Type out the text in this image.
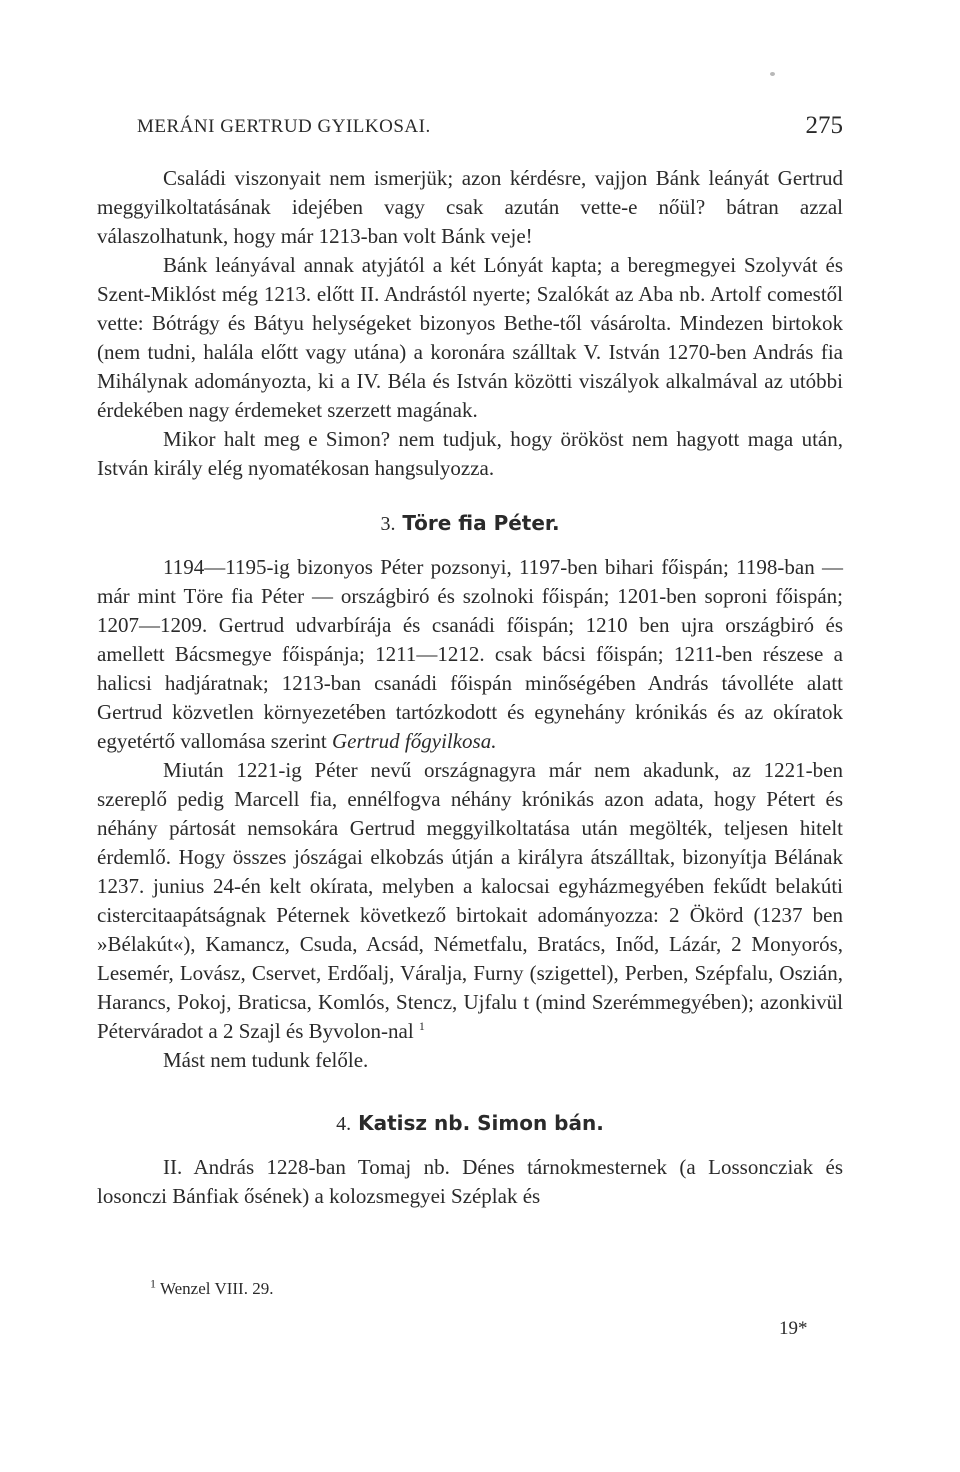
MERÁNI GERTRUD GYILKOSAI.	275

Családi viszonyait nem ismerjük; azon kérdésre, vajjon Bánk leányát Gertrud meggyilkoltatásának idejében vagy csak azután vette-e nőül? bátran azzal válaszolhatunk, hogy már 1213-ban volt Bánk veje!

Bánk leányával annak atyjától a két Lónyát kapta; a beregmegyei Szolyvát és Szent-Miklóst még 1213. előtt II. Andrástól nyerte; Szalókát az Aba nb. Artolf comestől vette: Bótrágy és Bátyu helységeket bizonyos Bethe-től vásárolta. Mindezen birtokok (nem tudni, halála előtt vagy utána) a koronára szálltak V. István 1270-ben András fia Mihálynak adományozta, ki a IV. Béla és István közötti viszályok alkalmával az utóbbi érdekében nagy érdemeket szerzett magának.

Mikor halt meg e Simon? nem tudjuk, hogy örököst nem hagyott maga után, István király elég nyomatékosan hangsulyozza.

3. Töre fia Péter.

1194—1195-ig bizonyos Péter pozsonyi, 1197-ben bihari főispán; 1198-ban — már mint Töre fia Péter — országbiró és szolnoki főispán; 1201-ben soproni főispán; 1207—1209. Gertrud udvarbírája és csanádi főispán; 1210 ben ujra országbiró és amellett Bácsmegye főispánja; 1211—1212. csak bácsi főispán; 1211-ben részese a halicsi hadjáratnak; 1213-ban csanádi főispán minőségében András távolléte alatt Gertrud közvetlen környezetében tartózkodott és egynehány krónikás és az okíratok egyetértő vallomása szerint Gertrud főgyilkosa.

Miután 1221-ig Péter nevű országnagyra már nem akadunk, az 1221-ben szereplő pedig Marcell fia, ennélfogva néhány krónikás azon adata, hogy Pétert és néhány pártosát nemsokára Gertrud meggyilkoltatása után megölték, teljesen hitelt érdemlő. Hogy összes jószágai elkobzás útján a királyra átszálltak, bizonyítja Bélának 1237. junius 24-én kelt okírata, melyben a kalocsai egyházmegyében fekűdt belakúti cistercitaapátságnak Péternek következő birtokait adományozza: 2 Ökörd (1237 ben »Bélakút«), Kamancz, Csuda, Acsád, Németfalu, Bratács, Inőd, Lázár, 2 Monyorós, Lesemér, Lovász, Cservet, Erdőalj, Váralja, Furny (szigettel), Perben, Szépfalu, Oszián, Harancs, Pokoj, Braticsa, Komlós, Stencz, Ujfalu t (mind Szerémmegyében); azonkivül Péterváradot a 2 Szajl és Byvolon-nal $^1$

Mást nem tudunk felőle.

4. Katisz nb. Simon bán.

II. András 1228-ban Tomaj nb. Dénes tárnokmesternek (a Lossoncziak és losonczi Bánfiak ősének) a kolozsmegyei Széplak és

$^1$ Wenzel VIII. 29.
19*
